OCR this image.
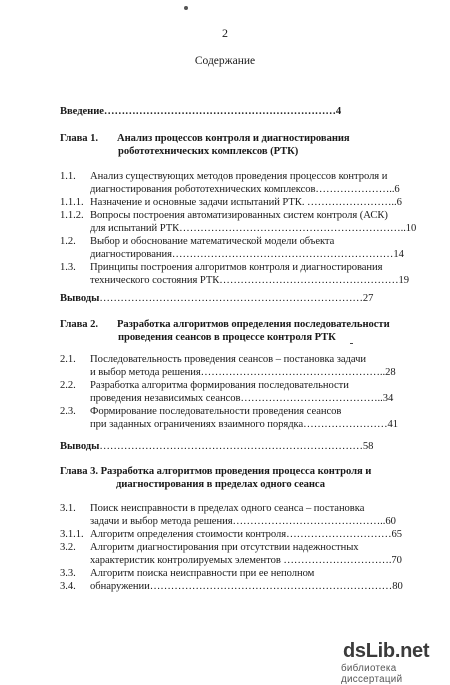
2
Содержание
Введение…………………………………………………………4
Глава 1. Анализ процессов контроля и диагностирования
робототехнических комплексов (РТК)
1.1. Анализ существующих методов проведения процессов контроля и
диагностирования робототехнических комплексов…………………..6
1.1.1. Назначение и основные задачи испытаний РТК. ……………………..6
1.1.2. Вопросы построения автоматизированных систем контроля (АСК)
для испытаний РТК………………………………………………………..10
1.2. Выбор и обоснование математической модели объекта
диагностирования………………………………………………………14
1.3. Принципы построения алгоритмов контроля и диагностирования
технического состояния РТК……………………………………………19
Выводы…………………………………………………………………27
Глава 2. Разработка алгоритмов определения последовательности
проведения сеансов в процессе контроля РТК
2.1. Последовательность проведения сеансов – постановка задачи
и выбор метода решения……………………………………………..28
2.2. Разработка алгоритма формирования последовательности
проведения независимых сеансов…………………………………..34
2.3. Формирование последовательности проведения сеансов
при заданных ограничениях взаимного порядка……………………41
Выводы…………………………………………………………………58
Глава 3. Разработка алгоритмов проведения процесса контроля и
диагностирования в пределах одного сеанса
3.1. Поиск неисправности в пределах одного сеанса – постановка
задачи и выбор метода решения……………………………………..60
3.1.1. Алгоритм определения стоимости контроля…………………………65
3.2. Алгоритм диагностирования при отсутствии надежностных
характеристик контролируемых элементов ………………………….70
3.3. Алгоритм поиска неисправности при ее неполном
3.4. обнаружении……………………………………………………………80
dsLib.net
библиотека диссертаций
